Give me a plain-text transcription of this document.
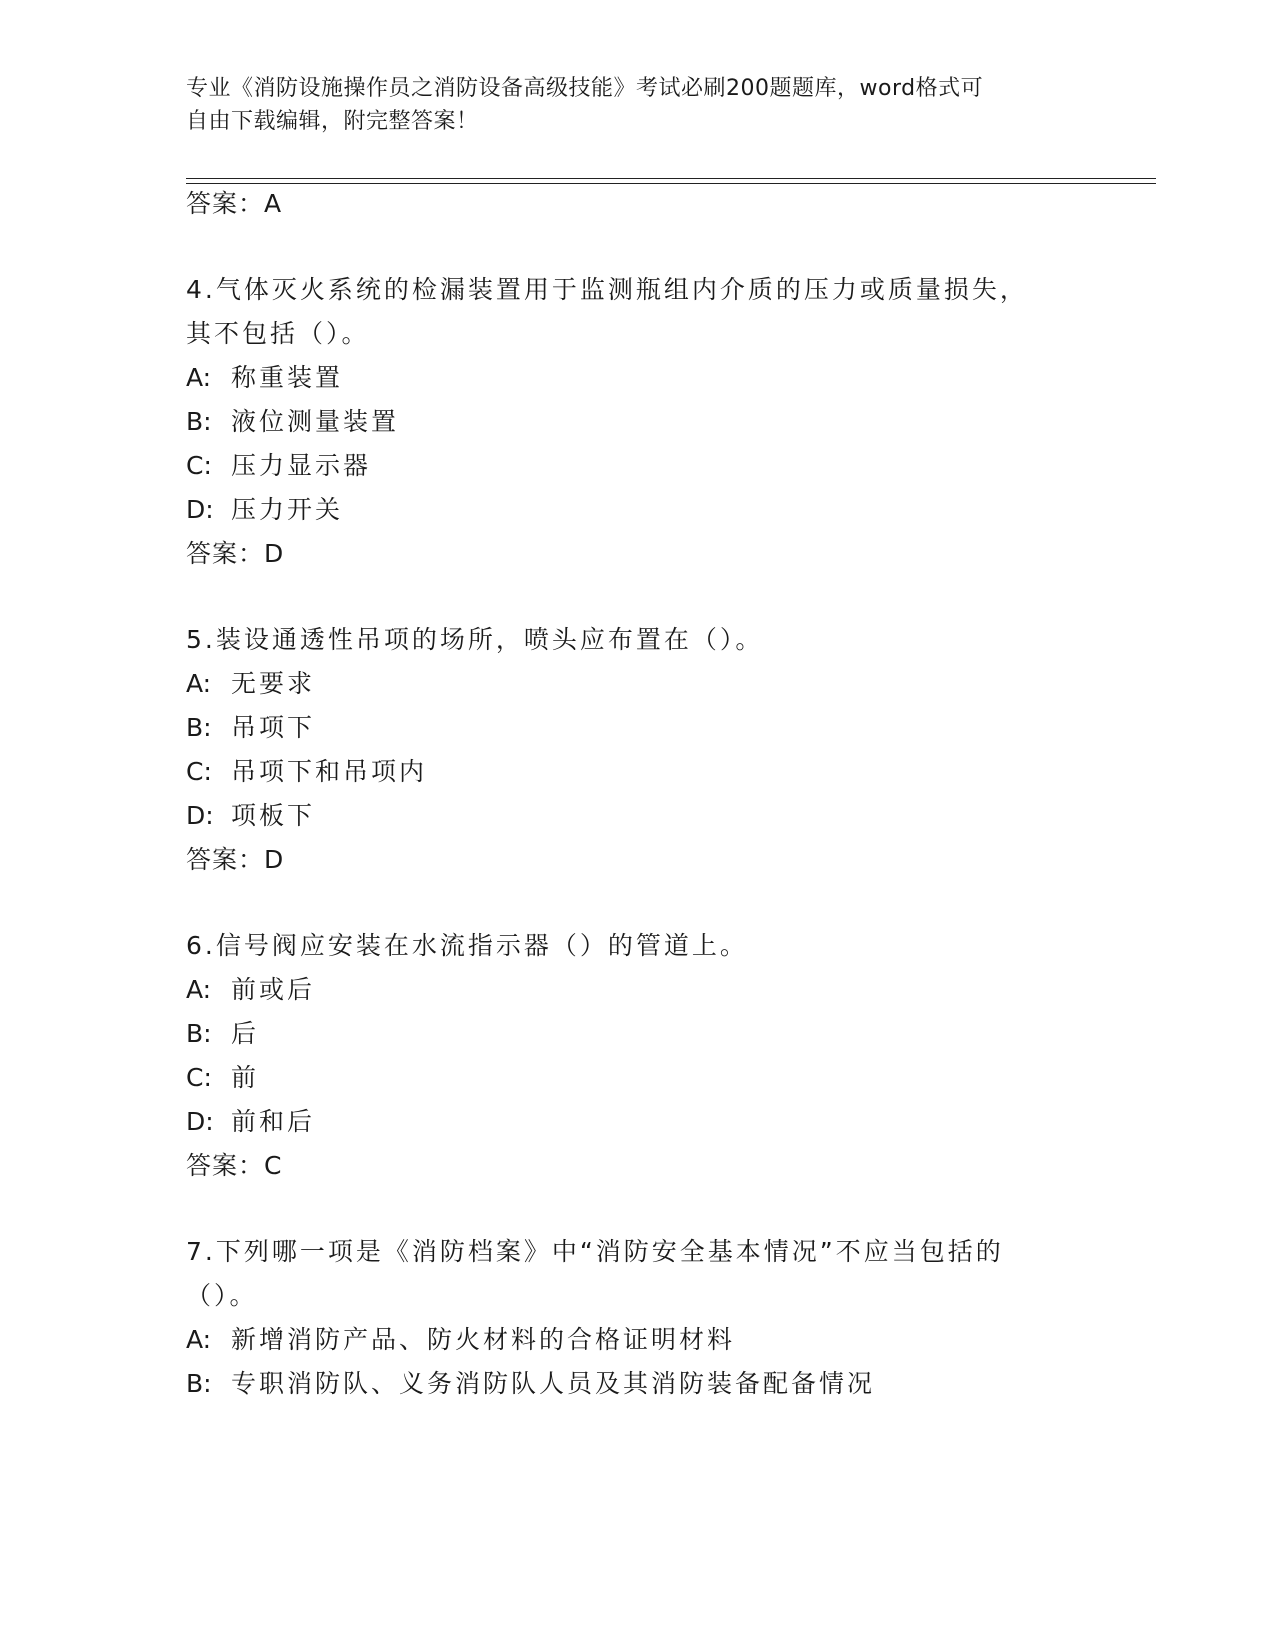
专业《消防设施操作员之消防设备高级技能》考试必刷200题题库，word格式可
自由下载编辑，附完整答案！
答案：A
4.气体灭火系统的检漏装置用于监测瓶组内介质的压力或质量损失，
其不包括（）。
A: 称重装置
B: 液位测量装置
C: 压力显示器
D: 压力开关
答案：D
5.装设通透性吊项的场所，喷头应布置在（）。
A: 无要求
B: 吊项下
C: 吊项下和吊项内
D: 项板下
答案：D
6.信号阀应安装在水流指示器（）的管道上。
A: 前或后
B: 后
C: 前
D: 前和后
答案：C
7.下列哪一项是《消防档案》中“消防安全基本情况”不应当包括的
（）。
A: 新增消防产品、防火材料的合格证明材料
B: 专职消防队、义务消防队人员及其消防装备配备情况
